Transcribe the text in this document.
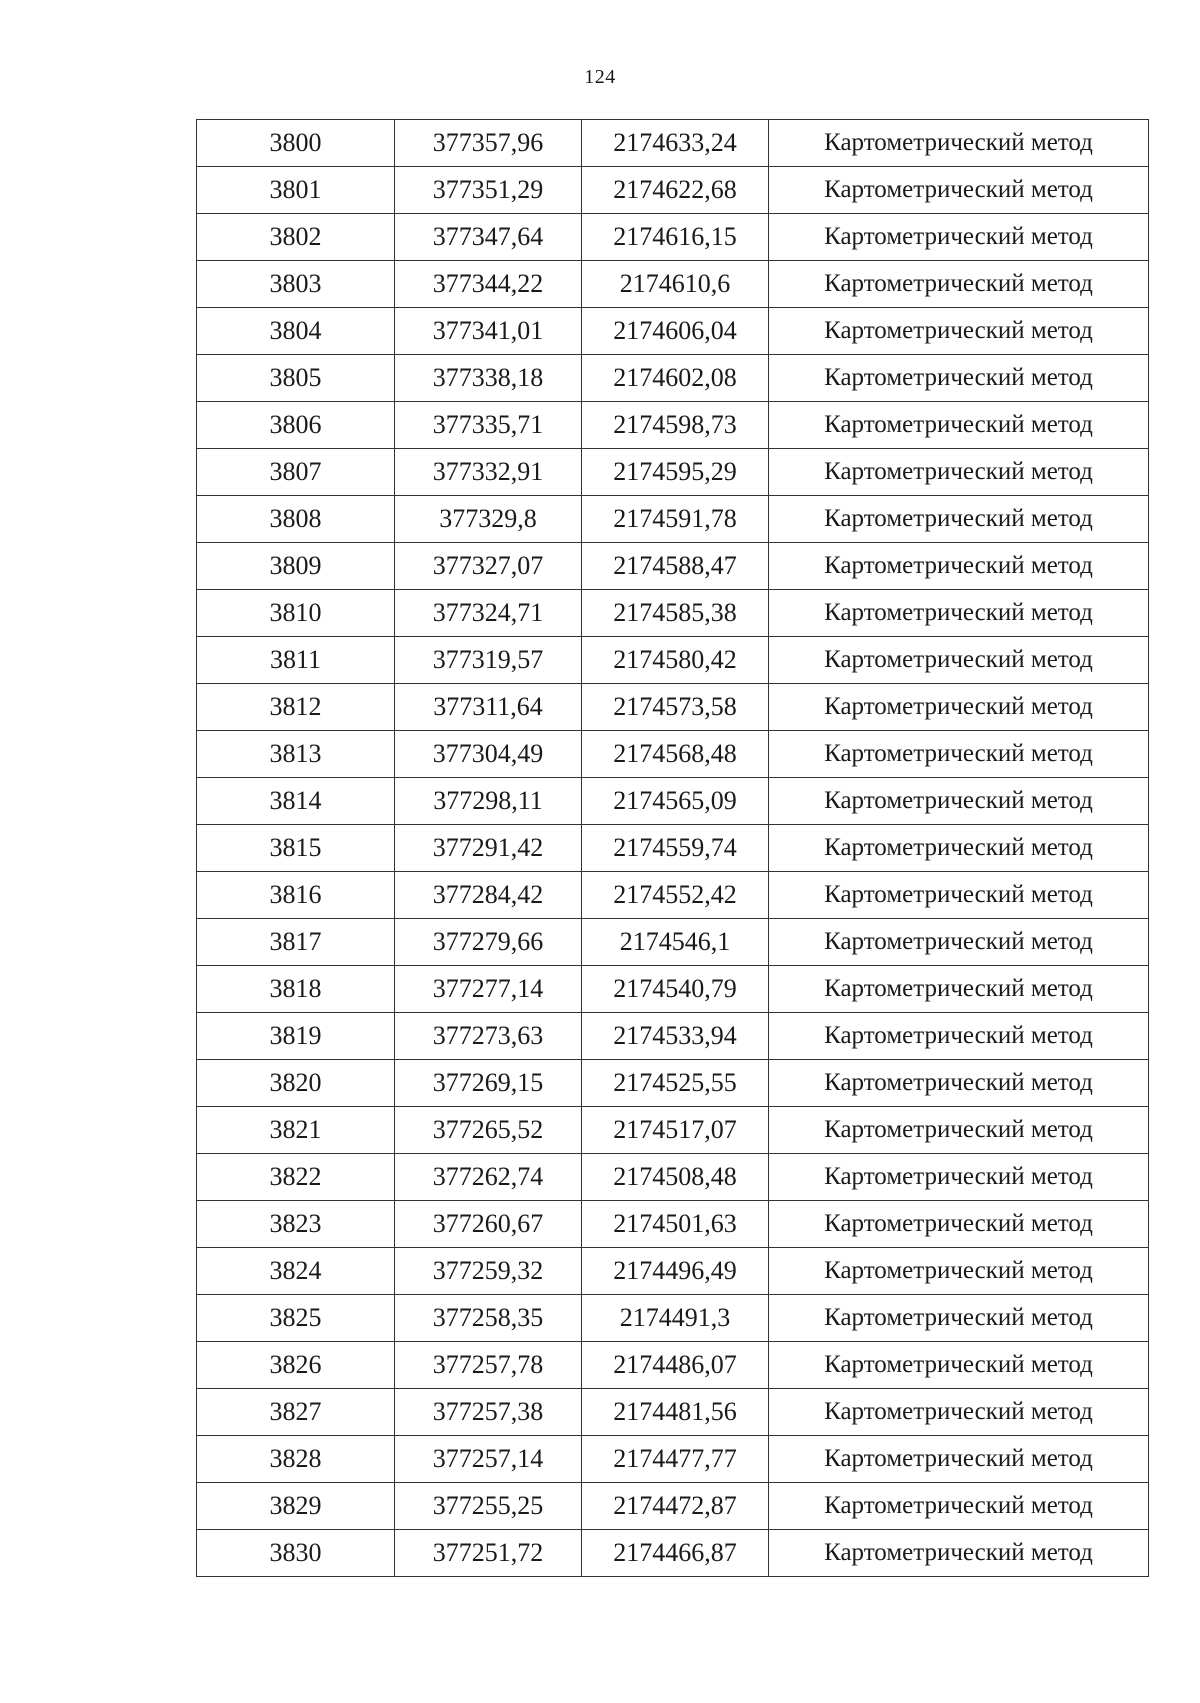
124
3800	377357,96	2174633,24	Картометрический метод
3801	377351,29	2174622,68	Картометрический метод
3802	377347,64	2174616,15	Картометрический метод
3803	377344,22	2174610,6	Картометрический метод
3804	377341,01	2174606,04	Картометрический метод
3805	377338,18	2174602,08	Картометрический метод
3806	377335,71	2174598,73	Картометрический метод
3807	377332,91	2174595,29	Картометрический метод
3808	377329,8	2174591,78	Картометрический метод
3809	377327,07	2174588,47	Картометрический метод
3810	377324,71	2174585,38	Картометрический метод
3811	377319,57	2174580,42	Картометрический метод
3812	377311,64	2174573,58	Картометрический метод
3813	377304,49	2174568,48	Картометрический метод
3814	377298,11	2174565,09	Картометрический метод
3815	377291,42	2174559,74	Картометрический метод
3816	377284,42	2174552,42	Картометрический метод
3817	377279,66	2174546,1	Картометрический метод
3818	377277,14	2174540,79	Картометрический метод
3819	377273,63	2174533,94	Картометрический метод
3820	377269,15	2174525,55	Картометрический метод
3821	377265,52	2174517,07	Картометрический метод
3822	377262,74	2174508,48	Картометрический метод
3823	377260,67	2174501,63	Картометрический метод
3824	377259,32	2174496,49	Картометрический метод
3825	377258,35	2174491,3	Картометрический метод
3826	377257,78	2174486,07	Картометрический метод
3827	377257,38	2174481,56	Картометрический метод
3828	377257,14	2174477,77	Картометрический метод
3829	377255,25	2174472,87	Картометрический метод
3830	377251,72	2174466,87	Картометрический метод
